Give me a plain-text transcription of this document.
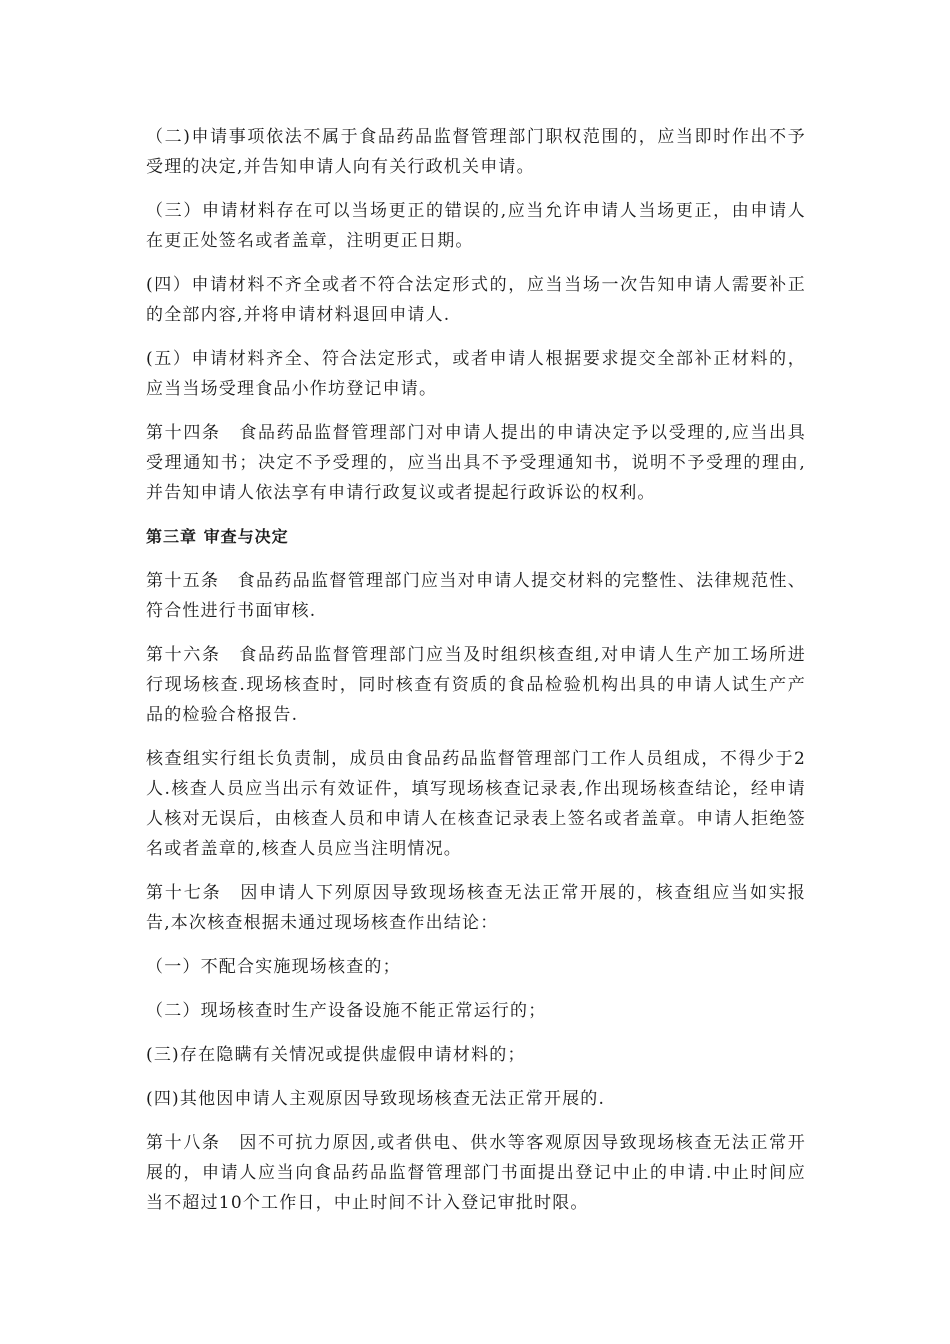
（二)申请事项依法不属于食品药品监督管理部门职权范围的，应当即时作出不予受理的决定,并告知申请人向有关行政机关申请。

（三）申请材料存在可以当场更正的错误的,应当允许申请人当场更正，由申请人在更正处签名或者盖章，注明更正日期。

(四）申请材料不齐全或者不符合法定形式的，应当当场一次告知申请人需要补正的全部内容,并将申请材料退回申请人.

(五）申请材料齐全、符合法定形式，或者申请人根据要求提交全部补正材料的，应当当场受理食品小作坊登记申请。

第十四条　食品药品监督管理部门对申请人提出的申请决定予以受理的,应当出具受理通知书；决定不予受理的，应当出具不予受理通知书，说明不予受理的理由,并告知申请人依法享有申请行政复议或者提起行政诉讼的权利。

第三章 审查与决定

第十五条　食品药品监督管理部门应当对申请人提交材料的完整性、法律规范性、符合性进行书面审核.

第十六条　食品药品监督管理部门应当及时组织核查组,对申请人生产加工场所进行现场核查.现场核查时，同时核查有资质的食品检验机构出具的申请人试生产产品的检验合格报告.

核查组实行组长负责制，成员由食品药品监督管理部门工作人员组成，不得少于2人.核查人员应当出示有效证件，填写现场核查记录表,作出现场核查结论，经申请人核对无误后，由核查人员和申请人在核查记录表上签名或者盖章。申请人拒绝签名或者盖章的,核查人员应当注明情况。

第十七条　因申请人下列原因导致现场核查无法正常开展的，核查组应当如实报告,本次核查根据未通过现场核查作出结论：

（一）不配合实施现场核查的；

（二）现场核查时生产设备设施不能正常运行的；

(三)存在隐瞒有关情况或提供虚假申请材料的；

(四)其他因申请人主观原因导致现场核查无法正常开展的.

第十八条　因不可抗力原因,或者供电、供水等客观原因导致现场核查无法正常开展的，申请人应当向食品药品监督管理部门书面提出登记中止的申请.中止时间应当不超过10个工作日，中止时间不计入登记审批时限。
